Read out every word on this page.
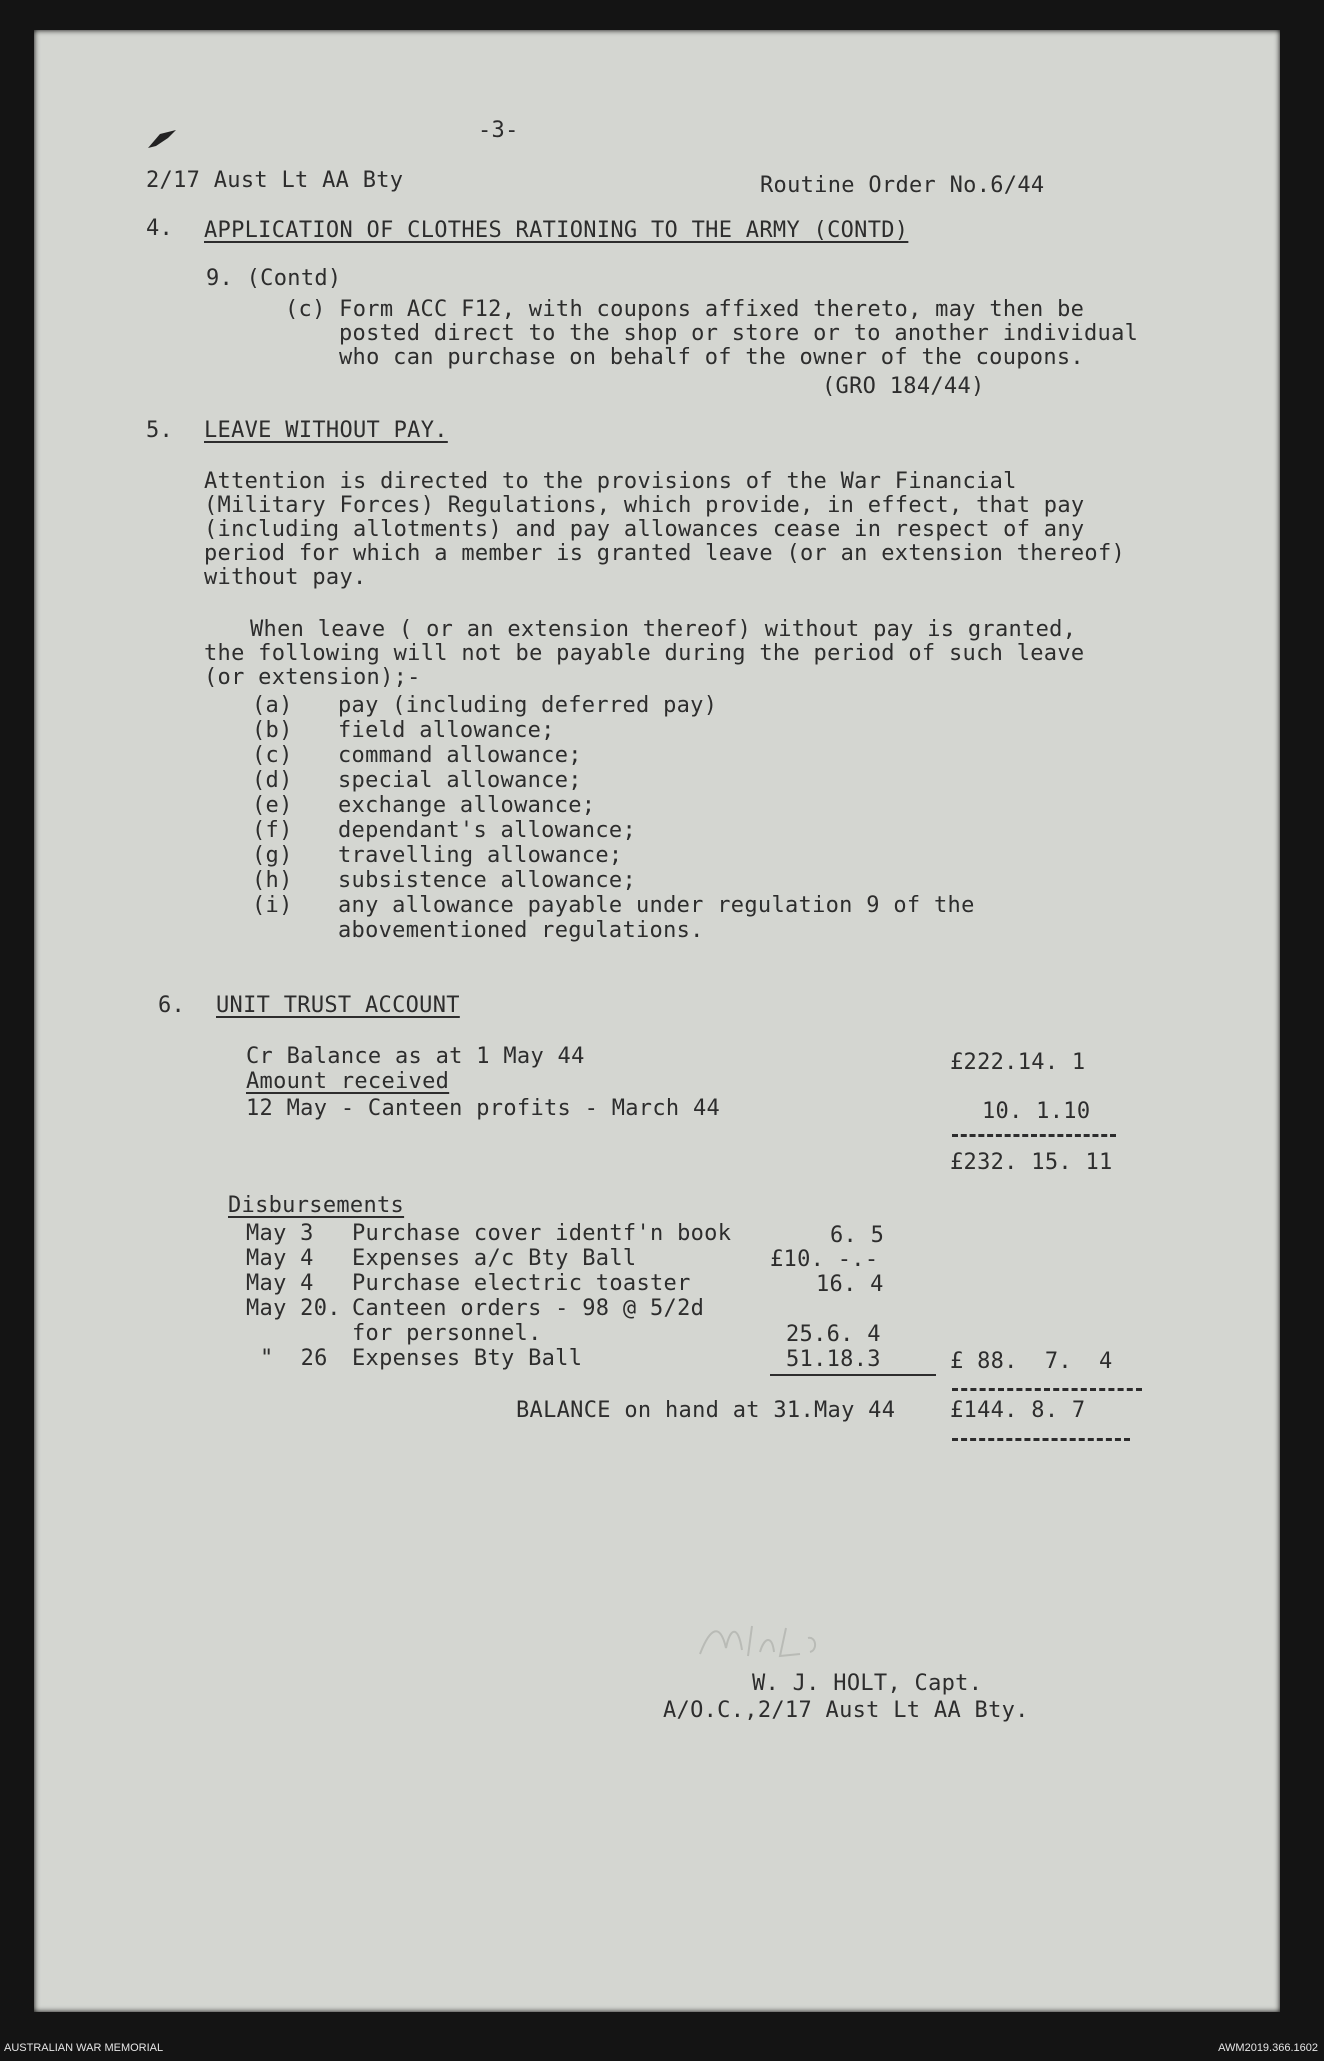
-3-
2/17 Aust Lt AA Bty	Routine Order No.6/44
4. APPLICATION OF CLOTHES RATIONING TO THE ARMY (CONTD)
9. (Contd)
(c) Form ACC F12, with coupons affixed thereto, may then be
posted direct to the shop or store or to another individual
who can purchase on behalf of the owner of the coupons.
(GRO 184/44)
5. LEAVE WITHOUT PAY.
Attention is directed to the provisions of the War Financial
(Military Forces) Regulations, which provide, in effect, that pay
(including allotments) and pay allowances cease in respect of any
period for which a member is granted leave (or an extension thereof)
without pay.
When leave ( or an extension thereof) without pay is granted,
the following will not be payable during the period of such leave
(or extension);-
(a) pay (including deferred pay)
(b) field allowance;
(c) command allowance;
(d) special allowance;
(e) exchange allowance;
(f) dependant's allowance;
(g) travelling allowance;
(h) subsistence allowance;
(i) any allowance payable under regulation 9 of the
abovementioned regulations.
6. UNIT TRUST ACCOUNT
Cr Balance as at 1 May 44	£222.14. 1
Amount received
12 May - Canteen profits - March 44	10. 1.10
£232. 15. 11
Disbursements
May 3 Purchase cover identf'n book	6. 5
May 4 Expenses a/c Bty Ball	£10. -.-
May 4 Purchase electric toaster	16. 4
May 20. Canteen orders - 98 @ 5/2d
for personnel.	25.6. 4
"  26 Expenses Bty Ball	51.18.3	£ 88.  7.  4
BALANCE on hand at 31.May 44 £144. 8. 7
W. J. HOLT, Capt.
A/O.C.,2/17 Aust Lt AA Bty.
AUSTRALIAN WAR MEMORIAL	AWM2019.366.1602
